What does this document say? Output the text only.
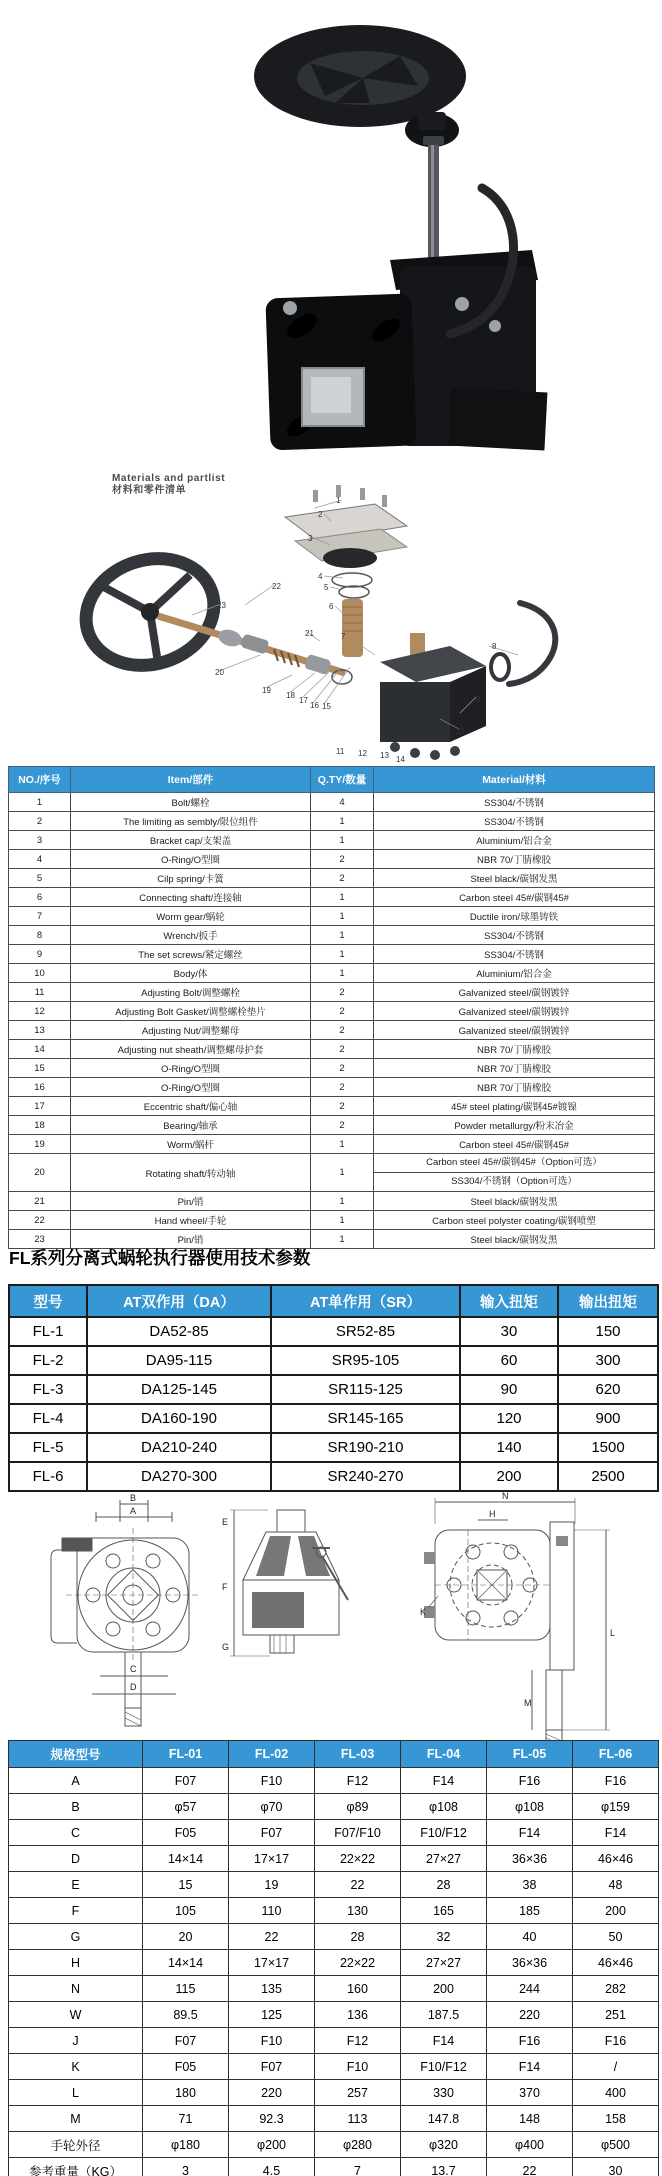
Materials and partlist
材料和零件清单
1
2
3
4
5
6
7
8
9
10
11 12 13 14
15
16
17
18
19
20
21
22
23
NO./序号	Item/部件	Q.TY/数量	Material/材料
1	Bolt/螺栓	4	SS304/不锈钢
2	The limiting as sembly/限位组件	1	SS304/不锈钢
3	Bracket cap/支架盖	1	Aluminium/铝合金
4	O-Ring/O型圈	2	NBR 70/丁腈橡胶
5	Cilp spring/卡簧	2	Steel black/碳钢发黑
6	Connecting shaft/连接轴	1	Carbon steel 45#/碳钢45#
7	Worm gear/蜗轮	1	Ductile iron/球墨铸铁
8	Wrench/扳手	1	SS304/不锈钢
9	The set screws/紧定螺丝	1	SS304/不锈钢
10	Body/体	1	Aluminium/铝合金
11	Adjusting Bolt/调整螺栓	2	Galvanized steel/碳钢镀锌
12	Adjusting Bolt Gasket/调整螺栓垫片	2	Galvanized steel/碳钢镀锌
13	Adjusting Nut/调整螺母	2	Galvanized steel/碳钢镀锌
14	Adjusting nut sheath/调整螺母护套	2	NBR 70/丁腈橡胶
15	O-Ring/O型圈	2	NBR 70/丁腈橡胶
16	O-Ring/O型圈	2	NBR 70/丁腈橡胶
17	Eccentric shaft/偏心轴	2	45# steel plating/碳钢45#镀镍
18	Bearing/轴承	2	Powder metallurgy/粉末冶金
19	Worm/蜗杆	1	Carbon steel 45#/碳钢45#
20	Rotating shaft/转动轴	1	Carbon steel 45#/碳钢45#（Option可选）
SS304/不锈钢（Option可选）

21	Pin/销	1	Steel black/碳钢发黑
22	Hand wheel/手轮	1	Carbon steel polyster coating/碳钢喷塑
23	Pin/销	1	Steel black/碳钢发黑
FL系列分离式蜗轮执行器使用技术参数
型号	AT双作用（DA）	AT单作用（SR）	输入扭矩	输出扭矩
FL-1	DA52-85	SR52-85	30	150
FL-2	DA95-115	SR95-105	60	300
FL-3	DA125-145	SR115-125	90	620
FL-4	DA160-190	SR145-165	120	900
FL-5	DA210-240	SR190-210	140	1500
FL-6	DA270-300	SR240-270	200	2500
B
A
C
D
E
F
G
N
H
K
L
M
规格型号	FL-01	FL-02	FL-03	FL-04	FL-05	FL-06
A	F07	F10	F12	F14	F16	F16
B	φ57	φ70	φ89	φ108	φ108	φ159
C	F05	F07	F07/F10	F10/F12	F14	F14
D	14×14	17×17	22×22	27×27	36×36	46×46
E	15	19	22	28	38	48
F	105	110	130	165	185	200
G	20	22	28	32	40	50
H	14×14	17×17	22×22	27×27	36×36	46×46
N	115	135	160	200	244	282
W	89.5	125	136	187.5	220	251
J	F07	F10	F12	F14	F16	F16
K	F05	F07	F10	F10/F12	F14	/
L	180	220	257	330	370	400
M	71	92.3	113	147.8	148	158
手轮外径	φ180	φ200	φ280	φ320	φ400	φ500
参考重量（KG）	3	4.5	7	13.7	22	30
